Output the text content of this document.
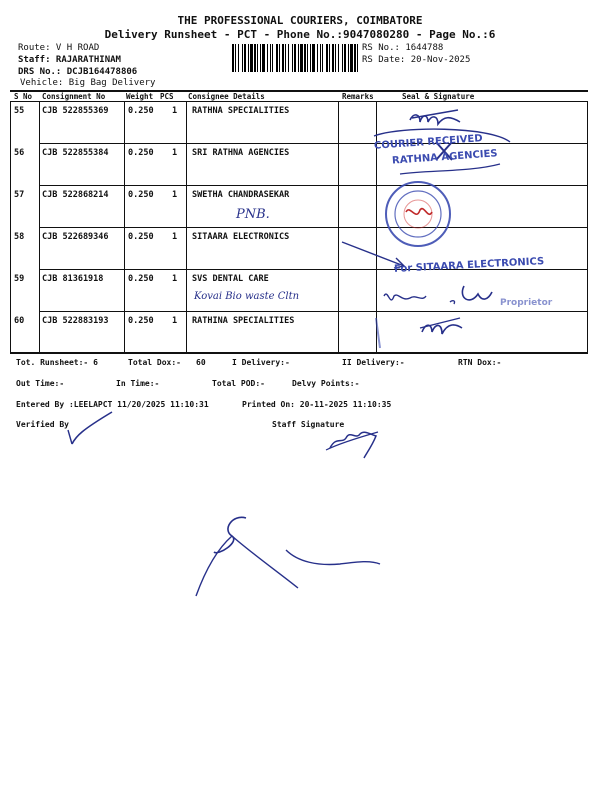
THE PROFESSIONAL COURIERS, COIMBATORE
Delivery Runsheet - PCT - Phone No.:9047080280 - Page No.:6
Route: V H ROAD
Staff: RAJARATHINAM
DRS No.: DCJB164478806
Vehicle: Big Bag Delivery
RS No.: 1644788
RS Date: 20-Nov-2025
S No Consignment No	Weight PCS Consignee Details	Remarks	Seal & Signature
55 CJB 522855369 0.250 1 RATHNA SPECIALITIES
56 CJB 522855384 0.250 1 SRI RATHNA AGENCIES
57 CJB 522868214 0.250 1 SWETHA CHANDRASEKAR
PNB.
58 CJB 522689346 0.250 1 SITAARA ELECTRONICS
59 CJB 81361918	0.250 1 SVS DENTAL CARE
Kovai Bio waste Cltn
60 CJB 522883193 0.250 1 RATHINA SPECIALITIES
COURIER RECEIVED
RATHNA AGENCIES
For SITAARA ELECTRONICS
Proprietor
Tot. Runsheet:- 6	Total Dox:- 60	I Delivery:-	II Delivery:-	RTN Dox:-
Out Time:-	In Time:-	Total POD:-	Delvy Points:-
Entered By :LEELAPCT 11/20/2025 11:10:31	Printed On: 20-11-2025 11:10:35
Verified By	Staff Signature
